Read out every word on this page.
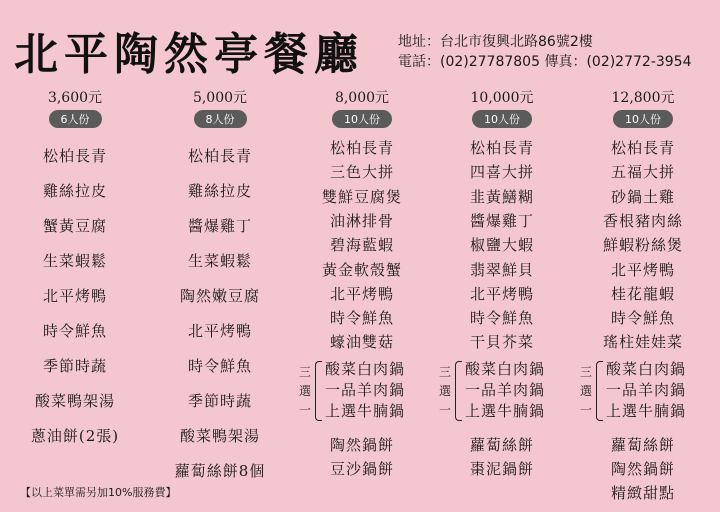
北平陶然亭餐廳 地址：台北市復興北路86號2樓
電話：(02)27787805 傳真：(02)2772-3954
3,600元
6人份
松柏長青
雞絲拉皮
蟹黃豆腐
生菜蝦鬆
北平烤鴨
時令鮮魚
季節時蔬
酸菜鴨架湯
蔥油餅(2張)
5,000元
8人份
松柏長青
雞絲拉皮
醬爆雞丁
生菜蝦鬆
陶然嫩豆腐
北平烤鴨
時令鮮魚
季節時蔬
酸菜鴨架湯
蘿蔔絲餅8個
8,000元
10人份
松柏長青
三色大拼
雙鮮豆腐煲
油淋排骨
碧海藍蝦
黃金軟殼蟹
北平烤鴨
時令鮮魚
蠔油雙菇
三
選
一
酸菜白肉鍋
一品羊肉鍋
上選牛腩鍋
陶然鍋餅
豆沙鍋餅
10,000元
10人份
松柏長青
四喜大拼
韭黃鱔糊
醬爆雞丁
椒鹽大蝦
翡翠鮮貝
北平烤鴨
時令鮮魚
干貝芥菜
三
選
一
酸菜白肉鍋
一品羊肉鍋
上選牛腩鍋
蘿蔔絲餅
棗泥鍋餅
12,800元
10人份
松柏長青
五福大拼
砂鍋土雞
香根豬肉絲
鮮蝦粉絲煲
北平烤鴨
桂花龍蝦
時令鮮魚
瑤柱娃娃菜
三
選
一
酸菜白肉鍋
一品羊肉鍋
上選牛腩鍋
蘿蔔絲餅
陶然鍋餅
精緻甜點
【以上菜單需另加10%服務費】
